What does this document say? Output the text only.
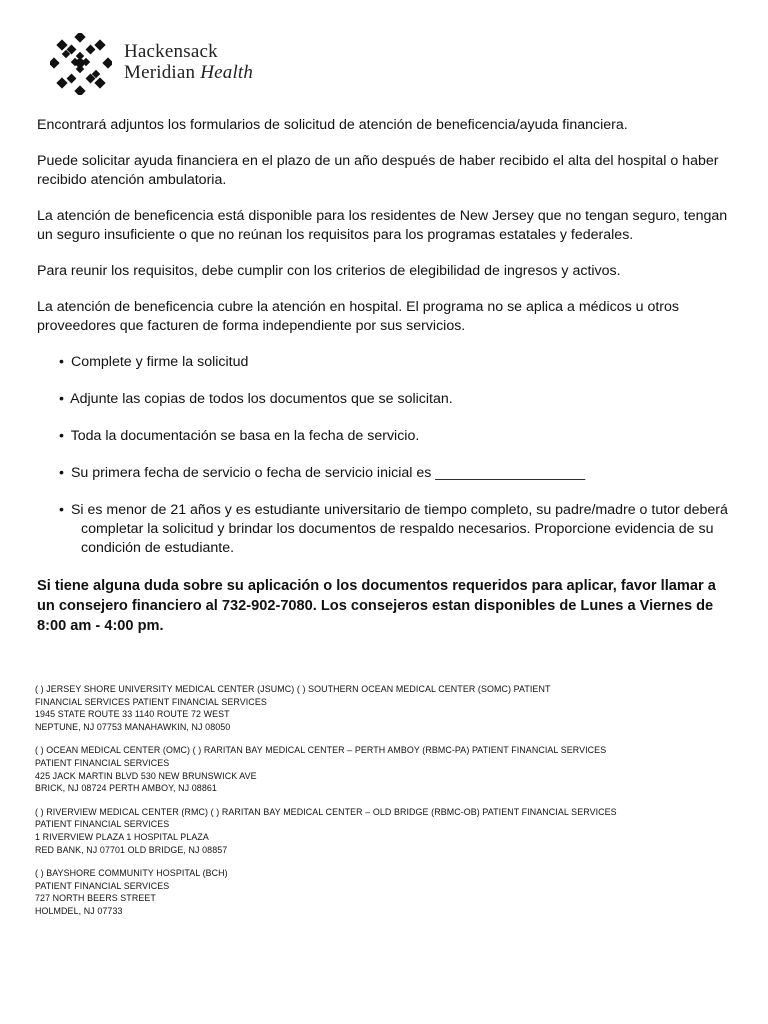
Hackensack
Meridian Health

Encontrará adjuntos los formularios de solicitud de atención de beneficencia/ayuda financiera.

Puede solicitar ayuda financiera en el plazo de un año después de haber recibido el alta del hospital o haber recibido atención ambulatoria.

La atención de beneficencia está disponible para los residentes de New Jersey que no tengan seguro, tengan un seguro insuficiente o que no reúnan los requisitos para los programas estatales y federales.

Para reunir los requisitos, debe cumplir con los criterios de elegibilidad de ingresos y activos.

La atención de beneficencia cubre la atención en hospital. El programa no se aplica a médicos u otros proveedores que facturen de forma independiente por sus servicios.

• Complete y firme la solicitud
• Adjunte las copias de todos los documentos que se solicitan.
• Toda la documentación se basa en la fecha de servicio.
• Su primera fecha de servicio o fecha de servicio inicial es ___________________
• Si es menor de 21 años y es estudiante universitario de tiempo completo, su padre/madre o tutor deberá completar la solicitud y brindar los documentos de respaldo necesarios. Proporcione evidencia de su condición de estudiante.

Si tiene alguna duda sobre su aplicación o los documentos requeridos para aplicar, favor llamar a un consejero financiero al 732-902-7080. Los consejeros estan disponibles de Lunes a Viernes de 8:00 am - 4:00 pm.

( ) JERSEY SHORE UNIVERSITY MEDICAL CENTER (JSUMC) ( ) SOUTHERN OCEAN MEDICAL CENTER (SOMC) PATIENT
FINANCIAL SERVICES PATIENT FINANCIAL SERVICES
1945 STATE ROUTE 33 1140 ROUTE 72 WEST
NEPTUNE, NJ 07753 MANAHAWKIN, NJ 08050
( ) OCEAN MEDICAL CENTER (OMC) ( ) RARITAN BAY MEDICAL CENTER – PERTH AMBOY (RBMC-PA) PATIENT FINANCIAL SERVICES
PATIENT FINANCIAL SERVICES
425 JACK MARTIN BLVD 530 NEW BRUNSWICK AVE
BRICK, NJ 08724 PERTH AMBOY, NJ 08861
( ) RIVERVIEW MEDICAL CENTER (RMC) ( ) RARITAN BAY MEDICAL CENTER – OLD BRIDGE (RBMC-OB) PATIENT FINANCIAL SERVICES
PATIENT FINANCIAL SERVICES
1 RIVERVIEW PLAZA 1 HOSPITAL PLAZA
RED BANK, NJ 07701 OLD BRIDGE, NJ 08857
( ) BAYSHORE COMMUNITY HOSPITAL (BCH)
PATIENT FINANCIAL SERVICES
727 NORTH BEERS STREET
HOLMDEL, NJ 07733
